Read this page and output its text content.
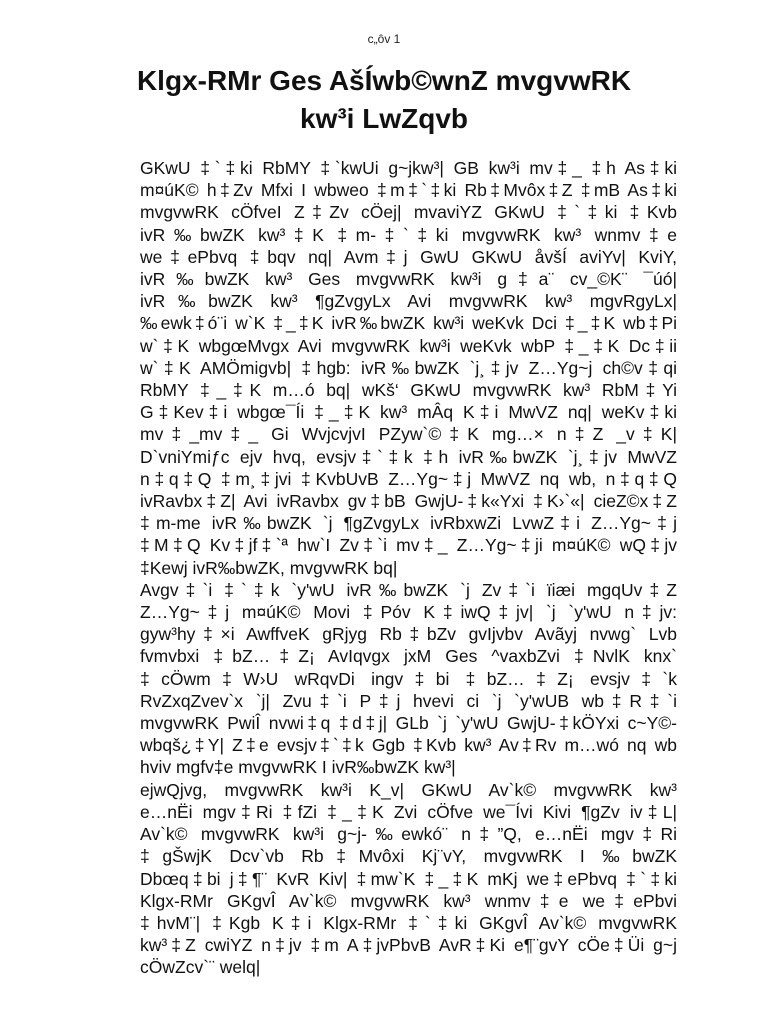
c„ôv 1
Klgx-RMr Ges AšÍwb©wnZ mvgvwRK
kw³i LwZqvb

GKwU ‡`‡ki RbMY ‡`kwUi g~jkw³| GB kw³i mv‡_ ‡h As‡ki
m¤úK© h‡Zv Mfxi I wbweo ‡m‡`‡ki Rb‡Mvôx‡Z ‡mB As‡ki
mvgvwRK cÖfveI Z‡Zv cÖej| mvaviYZ GKwU ‡`‡ki ‡Kvb
ivR‰bwZK kw³‡K ‡m-‡`‡ki mvgvwRK kw³ wnmv‡e
we‡ePbvq ‡bqv nq| Avm‡j GwU GKwU åvšÍ aviYv| KviY,
ivR‰bwZK kw³ Ges mvgvwRK kw³i g‡a¨ cv_©K¨ ¯úó|
ivR‰bwZK kw³ ¶gZvgyLx Avi mvgvwRK kw³ mgvRgyLx|
‰ewk‡ó¨i w`K ‡_‡K ivR‰bwZK kw³i weKvk Dci ‡_‡K wb‡Pi
w`‡K wbgœMvgx Avi mvgvwRK kw³i weKvk wbP ‡_‡K Dc‡ii
w`‡K AMÖmigvb| ‡hgb: ivR‰bwZK `j¸‡jv Z…Yg~j ch©v‡qi
RbMY ‡_‡K m…ó bq| wKš‘ GKwU mvgvwRK kw³ RbM‡Yi
G‡Kev‡i wbgœ¯Íi ‡_‡K kw³ mÂq K‡i MwVZ nq| weKv‡ki
mv‡_mv‡_ Gi WvjcvjvI PZyw`©‡K mg…× n‡Z _v‡K|
D`vniYmiƒc ejv hvq, evsjv‡`‡k ‡h ivR‰bwZK `j¸‡jv MwVZ
n‡q‡Q ‡m¸‡jvi ‡KvbUvB Z…Yg~‡j MwVZ nq wb, n‡q‡Q
ivRavbx‡Z| Avi ivRavbx gv‡bB GwjU-‡k«Yxi ‡K›`«| cieZ©x‡Z
‡m-me ivR‰bwZK `j ¶gZvgyLx ivRbxwZi LvwZ‡i Z…Yg~‡j
‡M‡Q Kv‡jf‡`ª hw`I Zv‡`i mv‡_ Z…Yg~‡ji m¤úK© wQ‡jv
‡Kewj ivR‰bwZK, mvgvwRK bq|

Avgv‡`i ‡`‡k `y'wU ivR‰bwZK `j Zv‡`i ïiæi mgqUv‡Z
Z…Yg~‡j m¤úK© Movi ‡Póv K‡iwQ‡jv| `j `y'wU n‡jv:
gyw³hy‡×i AwffveK gRjyg Rb‡bZv gvIjvbv Avãyj nvwg` Lvb
fvmvbxi ‡bZ…‡Z¡ AvIqvgx jxM Ges ^vaxbZvi ‡NvlK knx`
‡cÖwm‡W›U wRqvDi ingv‡bi ‡bZ…‡Z¡ evsjv‡`k
RvZxqZvev`x `j| Zvu‡`i P‡j hvevi ci `j `y'wUB wb‡R‡`i
mvgvwRK PwiÎ nvwi‡q ‡d‡j| GLb `j `y'wU GwjU-‡kÖYxi c~Y©-
wbqš¿‡Y| Z‡e evsjv‡`‡k Ggb ‡Kvb kw³ Av‡Rv m…wó nq wb
hviv mgfv‡e mvgvwRK I ivR‰bwZK kw³|

ejwQjvg, mvgvwRK kw³i K_v| GKwU Av`k© mvgvwRK kw³
e…nËi mgv‡Ri ‡fZi ‡_‡K Zvi cÖfve we¯Ívi Kivi ¶gZv iv‡L|
Av`k© mvgvwRK kw³i g~j-‰ewkó¨ n‡”Q, e…nËi mgv‡Ri
‡gŠwjK Dcv`vb Rb‡Mvôxi Kj¨vY, mvgvwRK I ‰bwZK
Dbœq‡bi j‡¶¨ KvR Kiv| ‡mw`K ‡_‡K mKj we‡ePbvq ‡`‡ki
Klgx-RMr GKgvÎ Av`k© mvgvwRK kw³ wnmv‡e we‡ePbvi
‡hvM¨| ‡Kgb K‡i Klgx-RMr ‡`‡ki GKgvÎ Av`k© mvgvwRK
kw³‡Z cwiYZ n‡jv ‡m A‡jvPbvB AvR‡Ki e¶¨gvY cÖe‡Üi g~j
cÖwZcv`¨ welq|
